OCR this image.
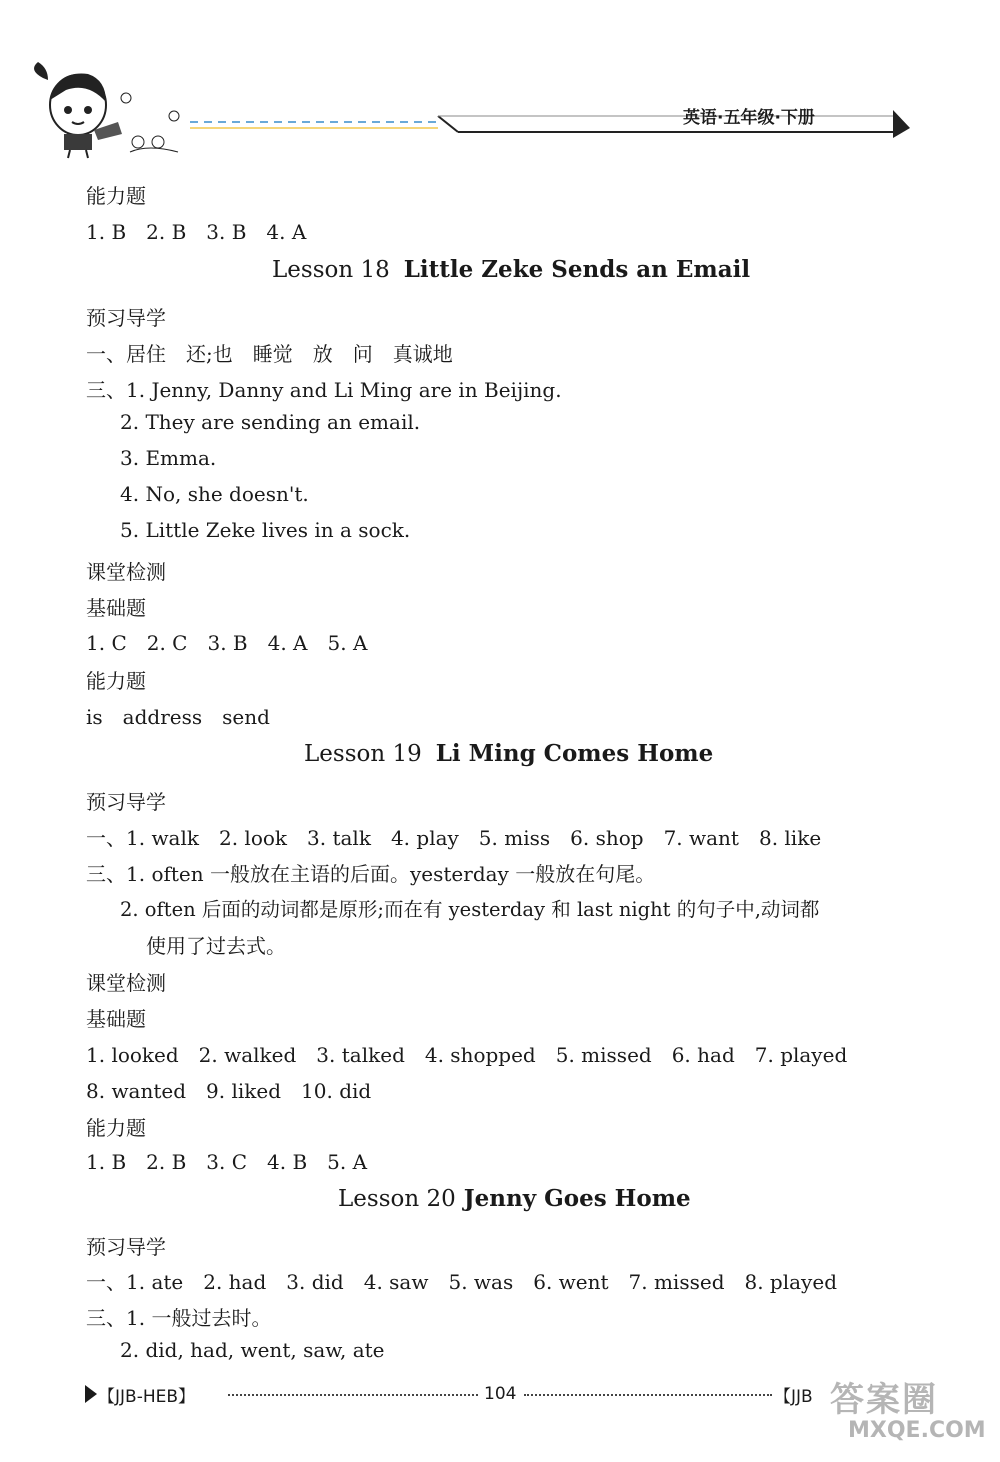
英语·五年级·下册
能力题
1. B　2. B　3. B　4. A
Lesson 18 Little Zeke Sends an Email
预习导学
一、居住　还;也　睡觉　放　问　真诚地
三、1. Jenny, Danny and Li Ming are in Beijing.
2. They are sending an email.
3. Emma.
4. No, she doesn't.
5. Little Zeke lives in a sock.
课堂检测
基础题
1. C　2. C　3. B　4. A　5. A
能力题
is　address　send
Lesson 19 Li Ming Comes Home
预习导学
一、1. walk　2. look　3. talk　4. play　5. miss　6. shop　7. want　8. like
三、1. often 一般放在主语的后面。yesterday 一般放在句尾。
2. often 后面的动词都是原形;而在有 yesterday 和 last night 的句子中,动词都
使用了过去式。
课堂检测
基础题
1. looked　2. walked　3. talked　4. shopped　5. missed　6. had　7. played
8. wanted　9. liked　10. did
能力题
1. B　2. B　3. C　4. B　5. A
Lesson 20 Jenny Goes Home
预习导学
一、1. ate　2. had　3. did　4. saw　5. was　6. went　7. missed　8. played
三、1. 一般过去时。
2. did, had, went, saw, ate
【JJB-HEB】	104	【JJB 答案圈
MXQE.COM
